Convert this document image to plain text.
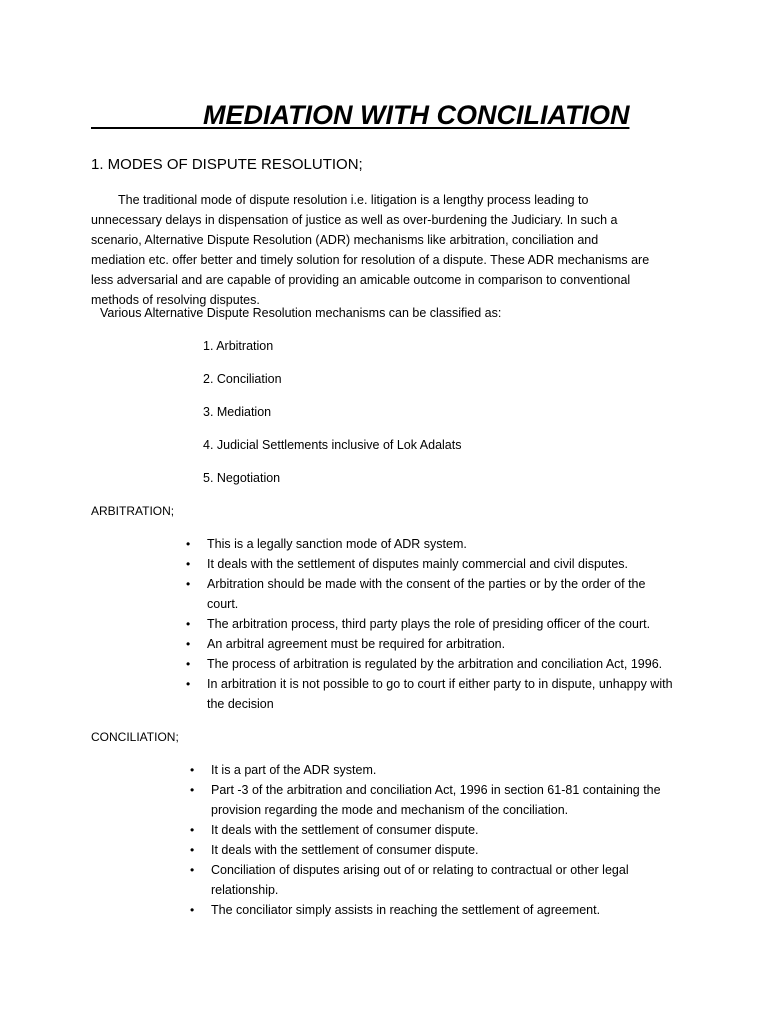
MEDIATION WITH CONCILIATION
1. MODES OF DISPUTE RESOLUTION;
The traditional mode of dispute resolution i.e. litigation is a lengthy process leading to unnecessary delays in dispensation of justice as well as over-burdening the Judiciary. In such a scenario, Alternative Dispute Resolution (ADR) mechanisms like arbitration, conciliation and mediation etc. offer better and timely solution for resolution of a dispute. These ADR mechanisms are less adversarial and are capable of providing an amicable outcome in comparison to conventional methods of resolving disputes.
Various Alternative Dispute Resolution mechanisms can be classified as:
1. Arbitration
2. Conciliation
3. Mediation
4. Judicial Settlements inclusive of Lok Adalats
5. Negotiation
ARBITRATION;
•	This is a legally sanction mode of ADR system.
•	It deals with the settlement of disputes mainly commercial and civil disputes.
•	Arbitration should be made with the consent of the parties or by the order of the court.
•	The arbitration process, third party plays the role of presiding officer of the court.
•	An arbitral agreement must be required for arbitration.
•	The process of arbitration is regulated by the arbitration and conciliation Act, 1996.
•	In arbitration it is not possible to go to court if either party to in dispute, unhappy with the decision
CONCILIATION;
•	It is a part of the ADR system.
•	Part -3 of the arbitration and conciliation Act, 1996 in section 61-81 containing the provision regarding the mode and mechanism of the conciliation.
•	It deals with the settlement of consumer dispute.
•	It deals with the settlement of consumer dispute.
•	Conciliation of disputes arising out of or relating to contractual or other legal relationship.
•	The conciliator simply assists in reaching the settlement of agreement.
